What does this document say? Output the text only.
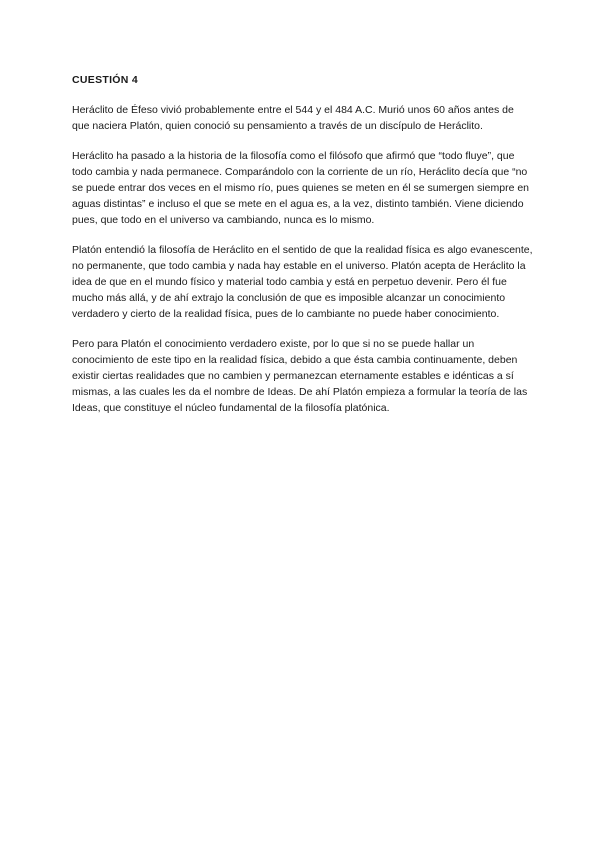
CUESTIÓN 4

Heráclito de Éfeso vivió probablemente entre el 544 y el 484 A.C. Murió unos 60 años antes de que naciera Platón, quien conoció su pensamiento a través de un discípulo de Heráclito.

Heráclito ha pasado a la historia de la filosofía como el filósofo que afirmó que “todo fluye”, que todo cambia y nada permanece. Comparándolo con la corriente de un río, Heráclito decía que “no se puede entrar dos veces en el mismo río, pues quienes se meten en él se sumergen siempre en aguas distintas” e incluso el que se mete en el agua es, a la vez, distinto también. Viene diciendo pues, que todo en el universo va cambiando, nunca es lo mismo.

Platón entendió la filosofía de Heráclito en el sentido de que la realidad física es algo evanescente, no permanente, que todo cambia y nada hay estable en el universo. Platón acepta de Heráclito la idea de que en el mundo físico y material todo cambia y está en perpetuo devenir. Pero él fue mucho más allá, y de ahí extrajo la conclusión de que es imposible alcanzar un conocimiento verdadero y cierto de la realidad física, pues de lo cambiante no puede haber conocimiento.

Pero para Platón el conocimiento verdadero existe, por lo que si no se puede hallar un conocimiento de este tipo en la realidad física, debido a que ésta cambia continuamente, deben existir ciertas realidades que no cambien y permanezcan eternamente estables e idénticas a sí mismas, a las cuales les da el nombre de Ideas. De ahí Platón empieza a formular la teoría de las Ideas, que constituye el núcleo fundamental de la filosofía platónica.
